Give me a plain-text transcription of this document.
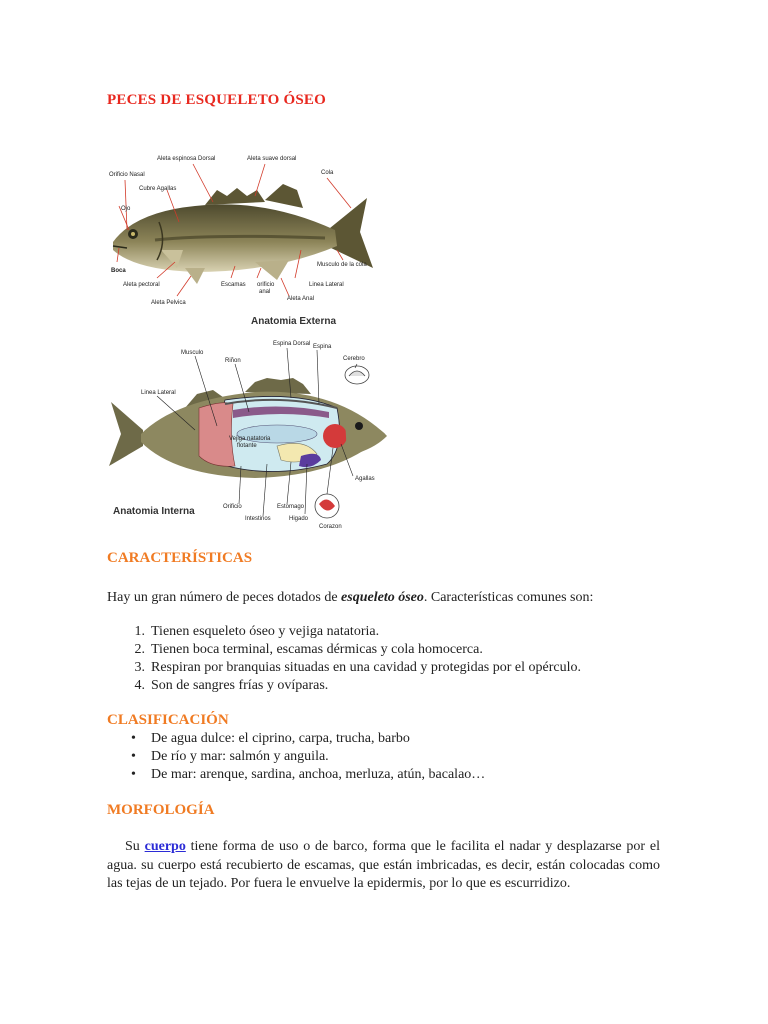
PECES DE ESQUELETO ÓSEO
Aleta espinosa Dorsal	Aleta suave dorsal
Orificio Nasal
Cubre Agallas
Ojo
Cola
Boca
Musculo de la cola
Aleta pectoral	Escamas orificio
anal
Linea Lateral
Aleta Pelvica
Aleta Anal
Anatomia Externa
Espina Dorsal Espina
Musculo
Riñon	Cerebro
Linea Lateral
Vejiga natatoria
flotante
Agallas
Anatomia Interna	Orificio
Intestinos
Estomago
Higado
Corazon
CARACTERÍSTICAS

Hay un gran número de peces dotados de esqueleto óseo. Características comunes son:

1. Tienen esqueleto óseo y vejiga natatoria.
2. Tienen boca terminal, escamas dérmicas y cola homocerca.
3. Respiran por branquias situadas en una cavidad y protegidas por el opérculo.
4. Son de sangres frías y ovíparas.
CLASIFICACIÓN
• De agua dulce: el ciprino, carpa, trucha, barbo
• De río y mar: salmón y anguila.
• De mar: arenque, sardina, anchoa, merluza, atún, bacalao…
MORFOLOGÍA

Su cuerpo tiene forma de uso o de barco, forma que le facilita el nadar y desplazarse por el agua. su cuerpo está recubierto de escamas, que están imbricadas, es decir, están colocadas como las tejas de un tejado. Por fuera le envuelve la epidermis, por lo que es escurridizo.
